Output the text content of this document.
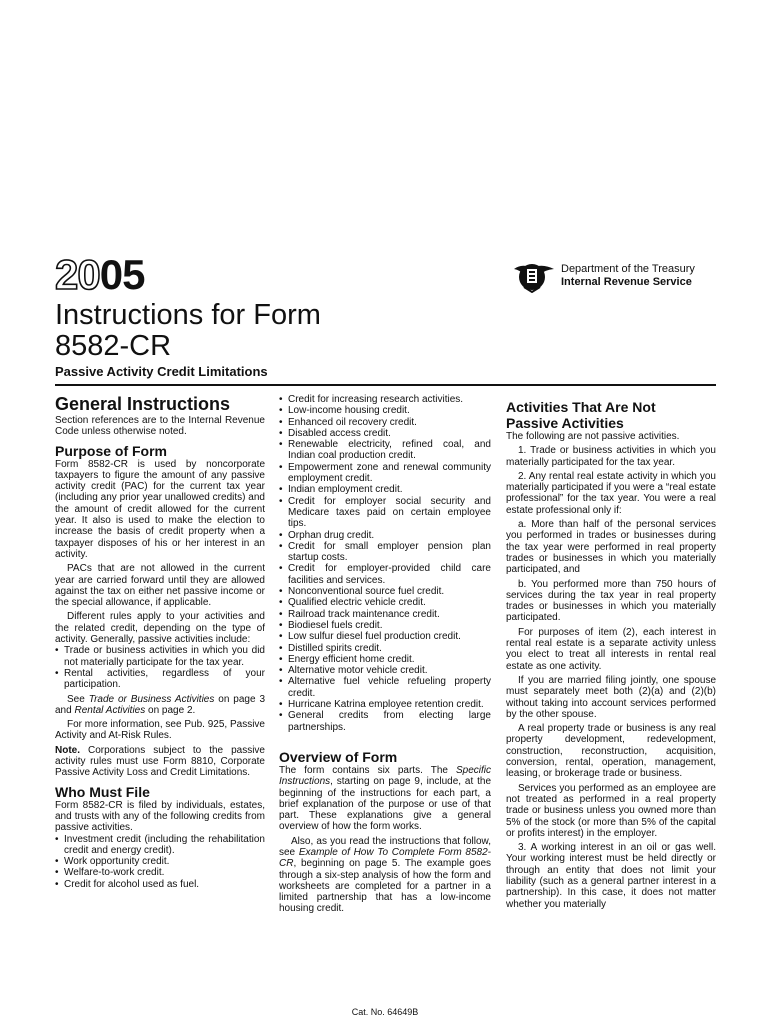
2005	Department of the Treasury
Internal Revenue Service
Instructions for Form
8582-CR
Passive Activity Credit Limitations
General Instructions

Section references are to the Internal Revenue Code unless otherwise noted.

Purpose of Form

Form 8582-CR is used by noncorporate taxpayers to figure the amount of any passive activity credit (PAC) for the current tax year (including any prior year unallowed credits) and the amount of credit allowed for the current year. It also is used to make the election to increase the basis of credit property when a taxpayer disposes of his or her interest in an activity.

PACs that are not allowed in the current year are carried forward until they are allowed against the tax on either net passive income or the special allowance, if applicable.

Different rules apply to your activities and the related credit, depending on the type of activity. Generally, passive activities include:

• Trade or business activities in which you did not materially participate for the tax year.

• Rental activities, regardless of your participation.

See Trade or Business Activities on page 3 and Rental Activities on page 2.

For more information, see Pub. 925, Passive Activity and At-Risk Rules.

Note. Corporations subject to the passive activity rules must use Form 8810, Corporate Passive Activity Loss and Credit Limitations.

Who Must File

Form 8582-CR is filed by individuals, estates, and trusts with any of the following credits from passive activities.

• Investment credit (including the rehabilitation credit and energy credit).

• Work opportunity credit.

• Welfare-to-work credit.

• Credit for alcohol used as fuel.

• Credit for increasing research activities.

• Low-income housing credit.

• Enhanced oil recovery credit.

• Disabled access credit.

• Renewable electricity, refined coal, and Indian coal production credit.

• Empowerment zone and renewal community employment credit.

• Indian employment credit.

• Credit for employer social security and Medicare taxes paid on certain employee tips.

• Orphan drug credit.

• Credit for small employer pension plan startup costs.

• Credit for employer-provided child care facilities and services.

• Nonconventional source fuel credit.

• Qualified electric vehicle credit.

• Railroad track maintenance credit.

• Biodiesel fuels credit.

• Low sulfur diesel fuel production credit.

• Distilled spirits credit.

• Energy efficient home credit.

• Alternative motor vehicle credit.

• Alternative fuel vehicle refueling property credit.

• Hurricane Katrina employee retention credit.

• General credits from electing large partnerships.

Overview of Form

The form contains six parts. The Specific Instructions, starting on page 9, include, at the beginning of the instructions for each part, a brief explanation of the purpose or use of that part. These explanations give a general overview of how the form works.

Also, as you read the instructions that follow, see Example of How To Complete Form 8582-CR, beginning on page 5. The example goes through a six-step analysis of how the form and worksheets are completed for a partner in a limited partnership that has a low-income housing credit.

Activities That Are Not
Passive Activities

The following are not passive activities.

1. Trade or business activities in which you materially participated for the tax year.

2. Any rental real estate activity in which you materially participated if you were a “real estate professional” for the tax year. You were a real estate professional only if:

a. More than half of the personal services you performed in trades or businesses during the tax year were performed in real property trades or businesses in which you materially participated, and

b. You performed more than 750 hours of services during the tax year in real property trades or businesses in which you materially participated.

For purposes of item (2), each interest in rental real estate is a separate activity unless you elect to treat all interests in rental real estate as one activity.

If you are married filing jointly, one spouse must separately meet both (2)(a) and (2)(b) without taking into account services performed by the other spouse.

A real property trade or business is any real property development, redevelopment, construction, reconstruction, acquisition, conversion, rental, operation, management, leasing, or brokerage trade or business.

Services you performed as an employee are not treated as performed in a real property trade or business unless you owned more than 5% of the stock (or more than 5% of the capital or profits interest) in the employer.

3. A working interest in an oil or gas well. Your working interest must be held directly or through an entity that does not limit your liability (such as a general partner interest in a partnership). In this case, it does not matter whether you materially

Cat. No. 64649B
